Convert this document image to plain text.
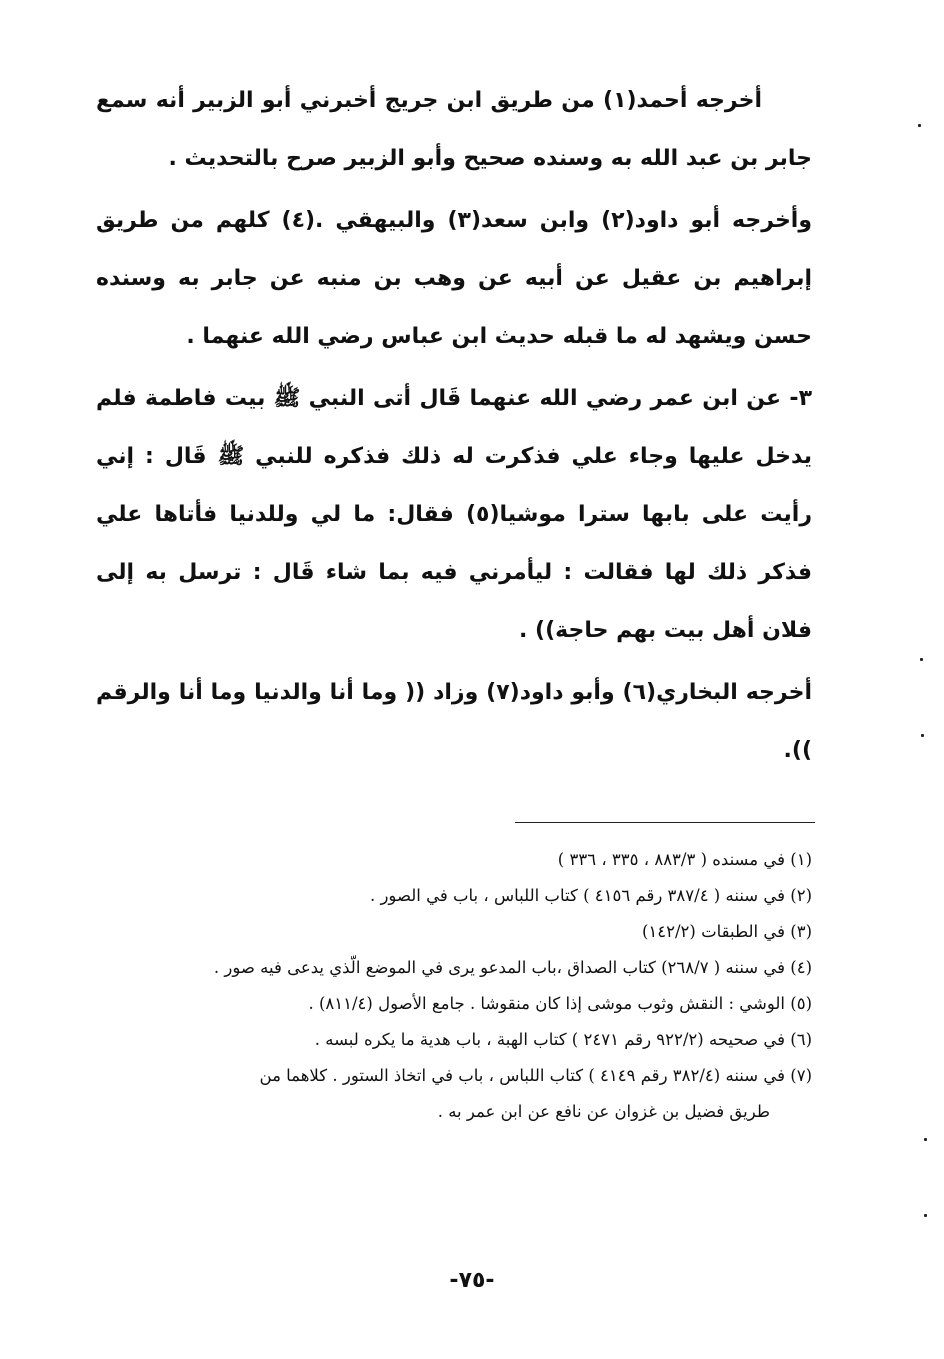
أخرجه أحمد(١) من طريق ابن جريج أخبرني أبو الزبير أنه سمع جابر بن عبد الله به وسنده صحيح وأبو الزبير صرح بالتحديث .

وأخرجه أبو داود(٢) وابن سعد(٣) والبيهقي .(٤) كلهم من طريق إبراهيم بن عقيل عن أبيه عن وهب بن منبه عن جابر به وسنده حسن ويشهد له ما قبله حديث ابن عباس رضي الله عنهما .

٣- عن ابن عمر رضي الله عنهما قَال أتى النبي ﷺ بيت فاطمة فلم يدخل عليها وجاء علي فذكرت له ذلك فذكره للنبي ﷺ قَال : إني رأيت على بابها سترا موشيا(٥) فقال: ما لي وللدنيا فأتاها علي فذكر ذلك لها فقالت : ليأمرني فيه بما شاء قَال : ترسل به إلى فلان أهل بيت بهم حاجة)) .

أخرجه البخاري(٦) وأبو داود(٧) وزاد (( وما أنا والدنيا وما أنا والرقم )).

(١) في مسنده ( ٨٨٣/٣ ، ٣٣٥ ، ٣٣٦ )

(٢) في سننه ( ٣٨٧/٤ رقم ٤١٥٦ ) كتاب اللباس ، باب في الصور .

(٣) في الطبقات (١٤٢/٢)

(٤) في سننه ( ٢٦٨/٧) كتاب الصداق ،باب المدعو يرى في الموضع الّذي يدعى فيه صور .

(٥) الوشي : النقش وثوب موشى إذا كان منقوشا . جامع الأصول (٨١١/٤) .

(٦) في صحيحه (٩٢٢/٢ رقم ٢٤٧١ ) كتاب الهبة ، باب هدية ما يكره لبسه .

(٧) في سننه (٣٨٢/٤ رقم ٤١٤٩ ) كتاب اللباس ، باب في اتخاذ الستور . كلاهما من

طريق فضيل بن غزوان عن نافع عن ابن عمر به .

-٧٥-
